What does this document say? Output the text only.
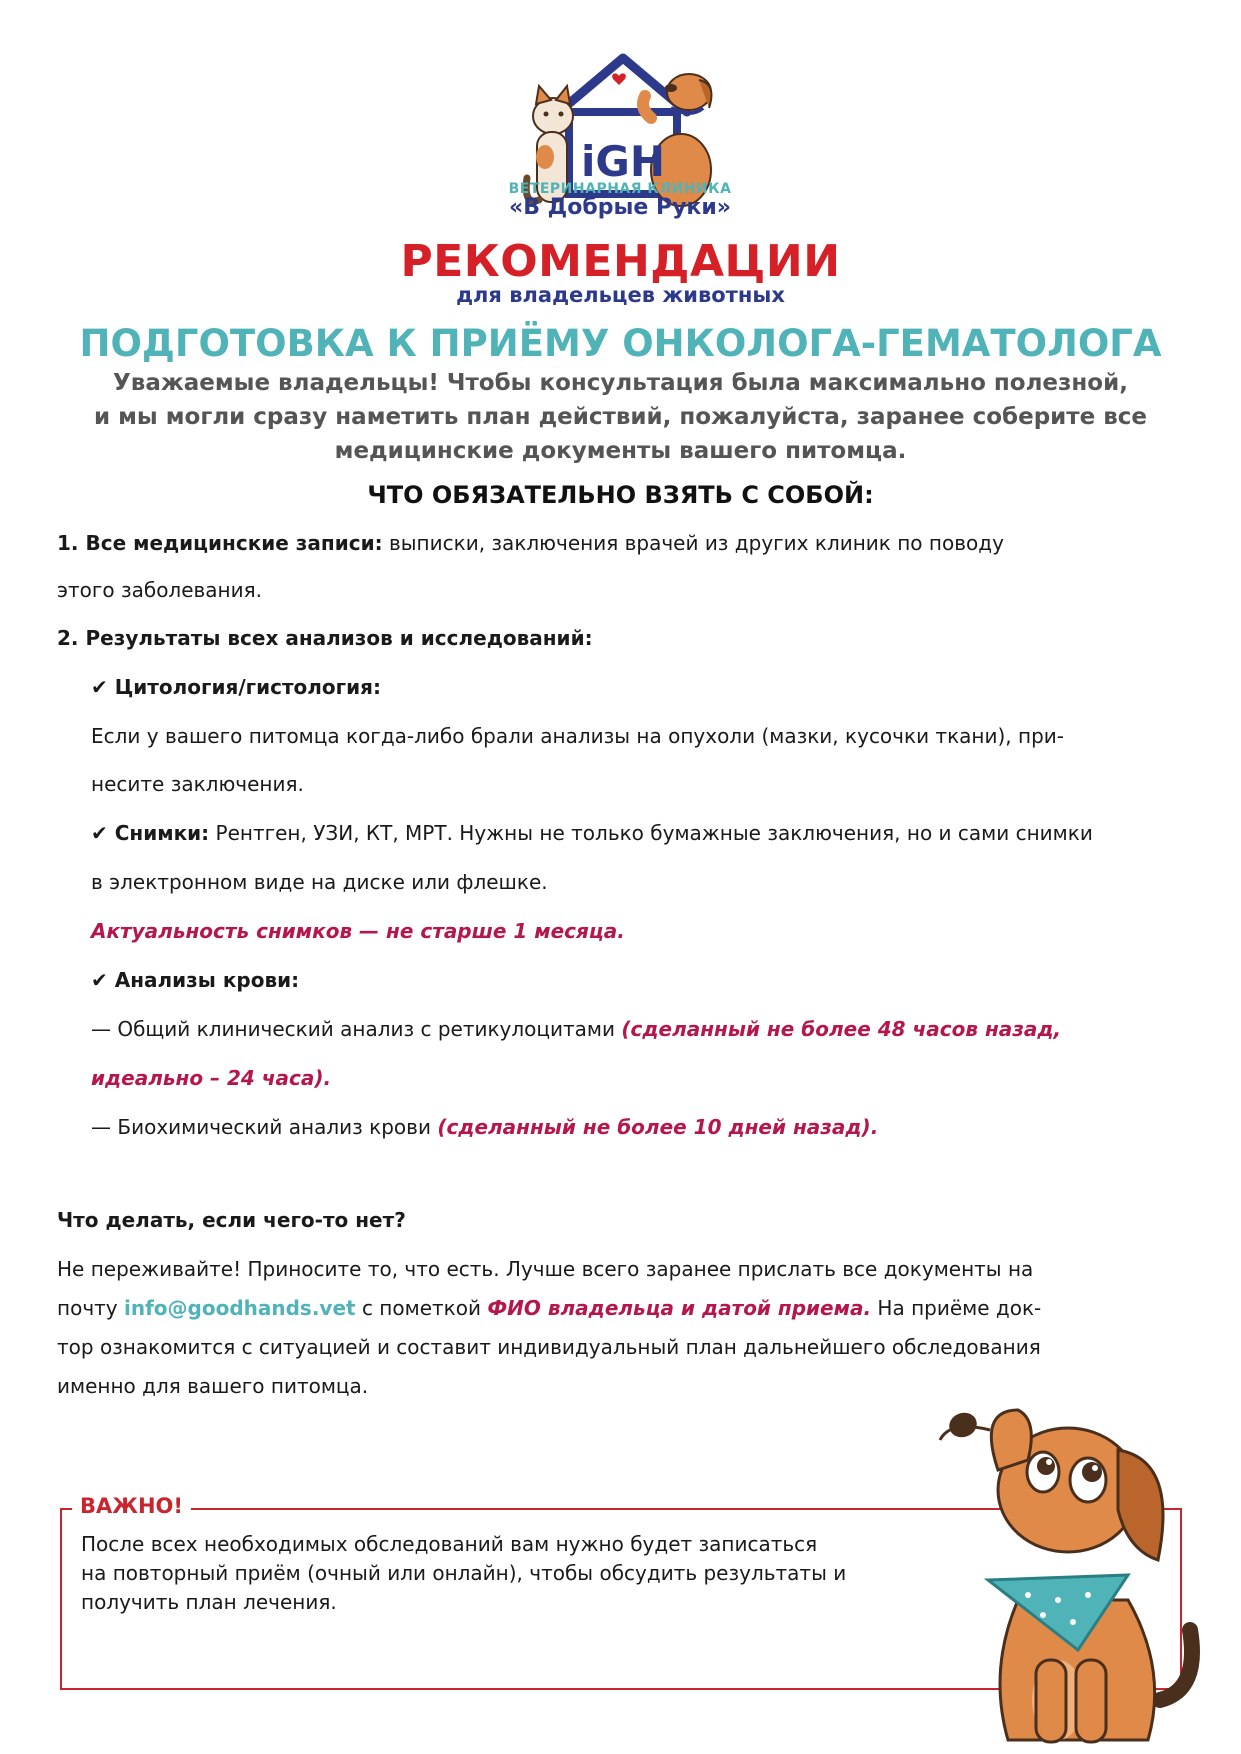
iGH
ВЕТЕРИНАРНАЯ КЛИНИКА
«В Добрые Руки»
РЕКОМЕНДАЦИИ
для владельцев животных
ПОДГОТОВКА К ПРИЁМУ ОНКОЛОГА-ГЕМАТОЛОГА
Уважаемые владельцы! Чтобы консультация была максимально полезной,
и мы могли сразу наметить план действий, пожалуйста, заранее соберите все
медицинские документы вашего питомца.
ЧТО ОБЯЗАТЕЛЬНО ВЗЯТЬ С СОБОЙ:
1. Все медицинские записи: выписки, заключения врачей из других клиник по поводу
этого заболевания.
2. Результаты всех анализов и исследований:
✔ Цитология/гистология:
Если у вашего питомца когда-либо брали анализы на опухоли (мазки, кусочки ткани), при-
несите заключения.
✔ Снимки: Рентген, УЗИ, КТ, МРТ. Нужны не только бумажные заключения, но и сами снимки
в электронном виде на диске или флешке.
Актуальность снимков — не старше 1 месяца.
✔ Анализы крови:
— Общий клинический анализ с ретикулоцитами (сделанный не более 48 часов назад,
идеально – 24 часа).
— Биохимический анализ крови (сделанный не более 10 дней назад).
Что делать, если чего-то нет?
Не переживайте! Приносите то, что есть. Лучше всего заранее прислать все документы на
почту info@goodhands.vet с пометкой ФИО владельца и датой приема. На приёме док-
тор ознакомится с ситуацией и составит индивидуальный план дальнейшего обследования
именно для вашего питомца.
ВАЖНО!
После всех необходимых обследований вам нужно будет записаться
на повторный приём (очный или онлайн), чтобы обсудить результаты и
получить план лечения.
